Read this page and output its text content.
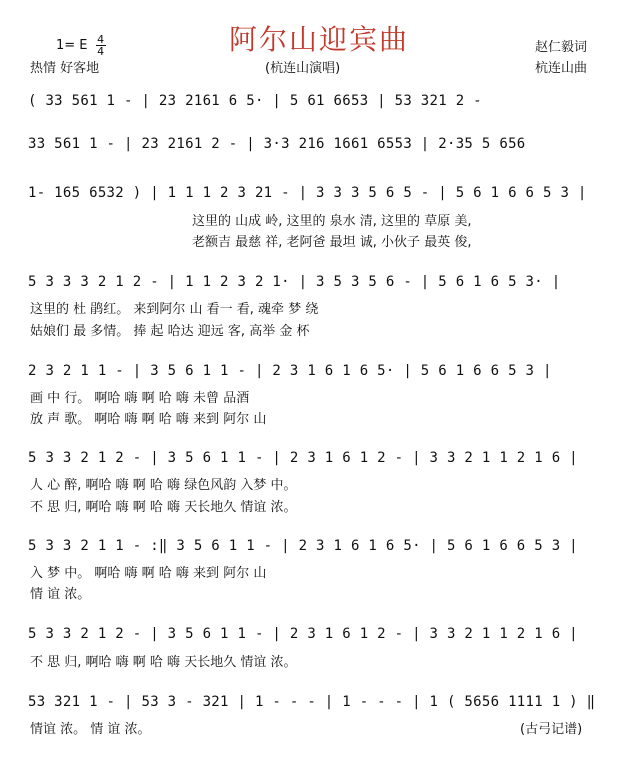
阿尔山迎宾曲
1= E $\frac{4}{4}$
热情 好客地	(杭连山演唱)
赵仁毅词
杭连山曲
( 33 561 1 - | 23 2161 6 5· | 5 61 6653 | 53 321 2 -
33 561 1 - | 23 2161 2 - | 3·3 216 1661 6553 | 2·35 5 656
1- 165 6532 ) | 1 1 1 2 3 21 - | 3 3 3 5 6 5 - | 5 6 1 6 6 5 3 |
这里的 山成 岭, 这里的 泉水 清, 这里的 草原 美,
老额吉 最慈 祥, 老阿爸 最坦 诚, 小伙子 最英 俊,
5 3 3 3 2 1 2 - | 1 1 2 3 2 1· | 3 5 3 5 6 - | 5 6 1 6 5 3· |
这里的 杜 鹃红。 来到阿尔 山 看一 看, 魂牵 梦 绕
姑娘们 最 多情。 捧 起 哈达 迎远 客, 高举 金 杯
2 3 2 1 1 - | 3 5 6 1 1 - | 2 3 1 6 1 6 5· | 5 6 1 6 6 5 3 |
画 中 行。 啊哈 嗨 啊 哈 嗨 未曾 品酒
放 声 歌。 啊哈 嗨 啊 哈 嗨 来到 阿尔 山
5 3 3 2 1 2 - | 3 5 6 1 1 - | 2 3 1 6 1 2 - | 3 3 2 1 1 2 1 6 |
人 心 醉, 啊哈 嗨 啊 哈 嗨 绿色风韵 入梦 中。
不 思 归, 啊哈 嗨 啊 哈 嗨 天长地久 情谊 浓。
5 3 3 2 1 1 - :‖ 3 5 6 1 1 - | 2 3 1 6 1 6 5· | 5 6 1 6 6 5 3 |
入 梦 中。 啊哈 嗨 啊 哈 嗨 来到 阿尔 山
情 谊 浓。
5 3 3 2 1 2 - | 3 5 6 1 1 - | 2 3 1 6 1 2 - | 3 3 2 1 1 2 1 6 |
不 思 归, 啊哈 嗨 啊 哈 嗨 天长地久 情谊 浓。
53 321 1 - | 53 3 - 321 | 1 - - - | 1 - - - | 1 ( 5656 1111 1 ) ‖
情谊 浓。 情 谊 浓。	(古弓记谱)
